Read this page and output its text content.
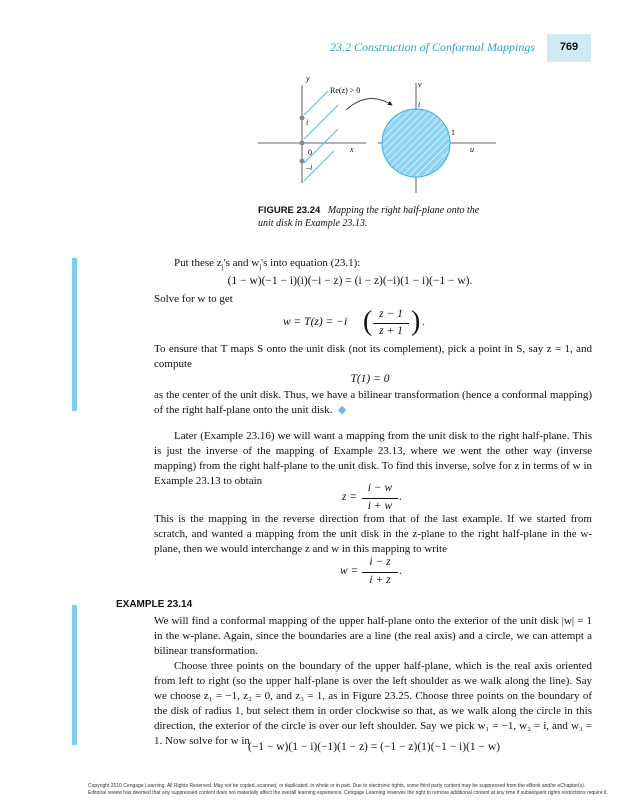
23.2 Construction of Conformal Mappings	769
y
Re(z) > 0
i
0
–i
x
v
i
1
u
FIGURE 23.24 Mapping the right half-plane onto the
unit disk in Example 23.13.
Put these $z_j's$ and $w_j's$ into equation (23.1):
(1 − w)(−1 − i)(i)(−i − z) = (i − z)(−i)(1 − i)(−1 − w).
Solve for w to get
w = T(z) = −i ( z − 1
z + 1 ) .
To ensure that T maps S onto the unit disk (not its complement), pick a point in S, say z = 1, and compute
T(1) = 0
as the center of the unit disk. Thus, we have a bilinear transformation (hence a conformal mapping) of the right half-plane onto the unit disk. ◆
Later (Example 23.16) we will want a mapping from the unit disk to the right half-plane. This is just the inverse of the mapping of Example 23.13, where we went the other way (inverse mapping) from the right half-plane to the unit disk. To find this inverse, solve for z in terms of w in Example 23.13 to obtain
z =
i − w
i + w
.
This is the mapping in the reverse direction from that of the last example. If we started from scratch, and wanted a mapping from the unit disk in the z-plane to the right half-plane in the w-plane, then we would interchange z and w in this mapping to write
w =
i − z
i + z
.
EXAMPLE 23.14
We will find a conformal mapping of the upper half-plane onto the exterior of the unit disk |w| = 1 in the w-plane. Again, since the boundaries are a line (the real axis) and a circle, we can attempt a bilinear transformation.
Choose three points on the boundary of the upper half-plane, which is the real axis oriented from left to right (so the upper half-plane is over the left shoulder as we walk along the line). Say we choose z₁ = −1, z₂ = 0, and z₃ = 1, as in Figure 23.25. Choose three points on the boundary of the disk of radius 1, but select them in order clockwise so that, as we walk along the circle in this direction, the exterior of the circle is over our left shoulder. Say we pick w₁ = −1, w₂ = i, and w₃ = 1. Now solve for w in
(−1 − w)(1 − i)(−1)(1 − z) = (−1 − z)(1)(−1 − i)(1 − w)
Copyright 2010 Cengage Learning. All Rights Reserved. May not be copied, scanned, or duplicated, in whole or in part. Due to electronic rights, some third party content may be suppressed from the eBook and/or eChapter(s).
Editorial review has deemed that any suppressed content does not materially affect the overall learning experience. Cengage Learning reserves the right to remove additional content at any time if subsequent rights restrictions require it.
